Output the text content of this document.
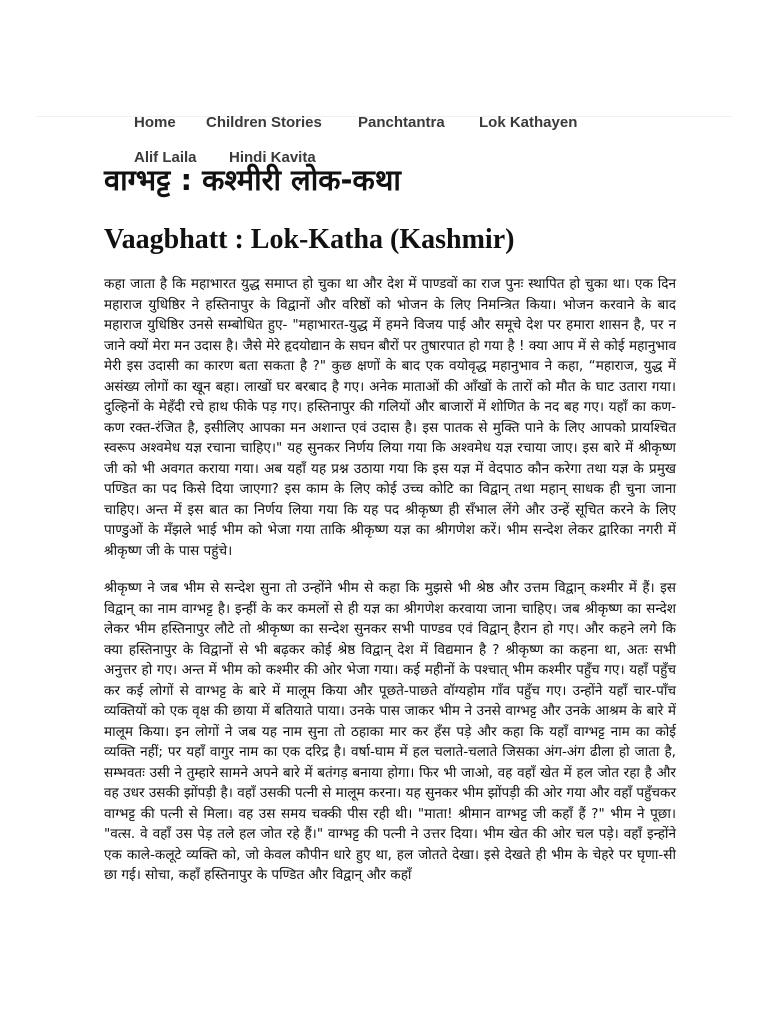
Home Children Stories Panchtantra Lok Kathayen
Alif Laila Hindi Kavita
वाग्भट्ट : कश्मीरी लोक-कथा
Vaagbhatt : Lok-Katha (Kashmir)

कहा जाता है कि महाभारत युद्ध समाप्त हो चुका था और देश में पाण्डवों का राज पुनः स्थापित हो चुका था। एक दिन महाराज युधिष्ठिर ने हस्तिनापुर के विद्वानों और वरिष्ठों को भोजन के लिए निमन्त्रित किया। भोजन करवाने के बाद महाराज युधिष्ठिर उनसे सम्बोधित हुए- "महाभारत-युद्ध में हमने विजय पाई और समूचे देश पर हमारा शासन है, पर न जाने क्यों मेरा मन उदास है। जैसे मेरे हृदयोद्यान के सघन बौरों पर तुषारपात हो गया है ! क्या आप में से कोई महानुभाव मेरी इस उदासी का कारण बता सकता है ?" कुछ क्षणों के बाद एक वयोवृद्ध महानुभाव ने कहा, “महाराज, युद्ध में असंख्य लोगों का खून बहा। लाखों घर बरबाद है गए। अनेक माताओं की आँखों के तारों को मौत के घाट उतारा गया। दुल्हिनों के मेहँदी रचे हाथ फीके पड़ गए। हस्तिनापुर की गलियों और बाजारों में शोणित के नद बह गए। यहाँ का कण-कण रक्त-रंजित है, इसीलिए आपका मन अशान्त एवं उदास है। इस पातक से मुक्ति पाने के लिए आपको प्रायश्चित स्वरूप अश्वमेध यज्ञ रचाना चाहिए।" यह सुनकर निर्णय लिया गया कि अश्वमेध यज्ञ रचाया जाए। इस बारे में श्रीकृष्ण जी को भी अवगत कराया गया। अब यहाँ यह प्रश्न उठाया गया कि इस यज्ञ में वेदपाठ कौन करेगा तथा यज्ञ के प्रमुख पण्डित का पद किसे दिया जाएगा? इस काम के लिए कोई उच्च कोटि का विद्वान् तथा महान् साधक ही चुना जाना चाहिए। अन्त में इस बात का निर्णय लिया गया कि यह पद श्रीकृष्ण ही सँभाल लेंगे और उन्हें सूचित करने के लिए पाण्डुओं के मँझले भाई भीम को भेजा गया ताकि श्रीकृष्ण यज्ञ का श्रीगणेश करें। भीम सन्देश लेकर द्वारिका नगरी में श्रीकृष्ण जी के पास पहुंचे।

श्रीकृष्ण ने जब भीम से सन्देश सुना तो उन्होंने भीम से कहा कि मुझसे भी श्रेष्ठ और उत्तम विद्वान् कश्मीर में हैं। इस विद्वान् का नाम वाग्भट्ट है। इन्हीं के कर कमलों से ही यज्ञ का श्रीगणेश करवाया जाना चाहिए। जब श्रीकृष्ण का सन्देश लेकर भीम हस्तिनापुर लौटे तो श्रीकृष्ण का सन्देश सुनकर सभी पाण्डव एवं विद्वान् हैरान हो गए। और कहने लगे कि क्या हस्तिनापुर के विद्वानों से भी बढ़कर कोई श्रेष्ठ विद्वान् देश में विद्यमान है ? श्रीकृष्ण का कहना था, अतः सभी अनुत्तर हो गए। अन्त में भीम को कश्मीर की ओर भेजा गया। कई महीनों के पश्चात् भीम कश्मीर पहुँच गए। यहाँ पहुँच कर कई लोगों से वाग्भट्ट के बारे में मालूम किया और पूछते-पाछते वॉग्यहोम गाँव पहुँच गए। उन्होंने यहाँ चार-पाँच व्यक्तियों को एक वृक्ष की छाया में बतियाते पाया। उनके पास जाकर भीम ने उनसे वाग्भट्ट और उनके आश्रम के बारे में मालूम किया। इन लोगों ने जब यह नाम सुना तो ठहाका मार कर हँस पड़े और कहा कि यहाँ वाग्भट्ट नाम का कोई व्यक्ति नहीं; पर यहाँ वागुर नाम का एक दरिद्र है। वर्षा-घाम में हल चलाते-चलाते जिसका अंग-अंग ढीला हो जाता है, सम्भवतः उसी ने तुम्हारे सामने अपने बारे में बतंगड़ बनाया होगा। फिर भी जाओ, वह वहाँ खेत में हल जोत रहा है और वह उधर उसकी झोंपड़ी है। वहाँ उसकी पत्नी से मालूम करना। यह सुनकर भीम झोंपड़ी की ओर गया और वहाँ पहुँचकर वाग्भट्ट की पत्नी से मिला। वह उस समय चक्की पीस रही थी। "माता! श्रीमान वाग्भट्ट जी कहाँ हैं ?" भीम ने पूछा। "वत्स. वे वहाँ उस पेड़ तले हल जोत रहे हैं।" वाग्भट्ट की पत्नी ने उत्तर दिया। भीम खेत की ओर चल पड़े। वहाँ इन्होंने एक काले-कलूटे व्यक्ति को, जो केवल कौपीन धारे हुए था, हल जोतते देखा। इसे देखते ही भीम के चेहरे पर घृणा-सी छा गई। सोचा, कहाँ हस्तिनापुर के पण्डित और विद्वान् और कहाँ
